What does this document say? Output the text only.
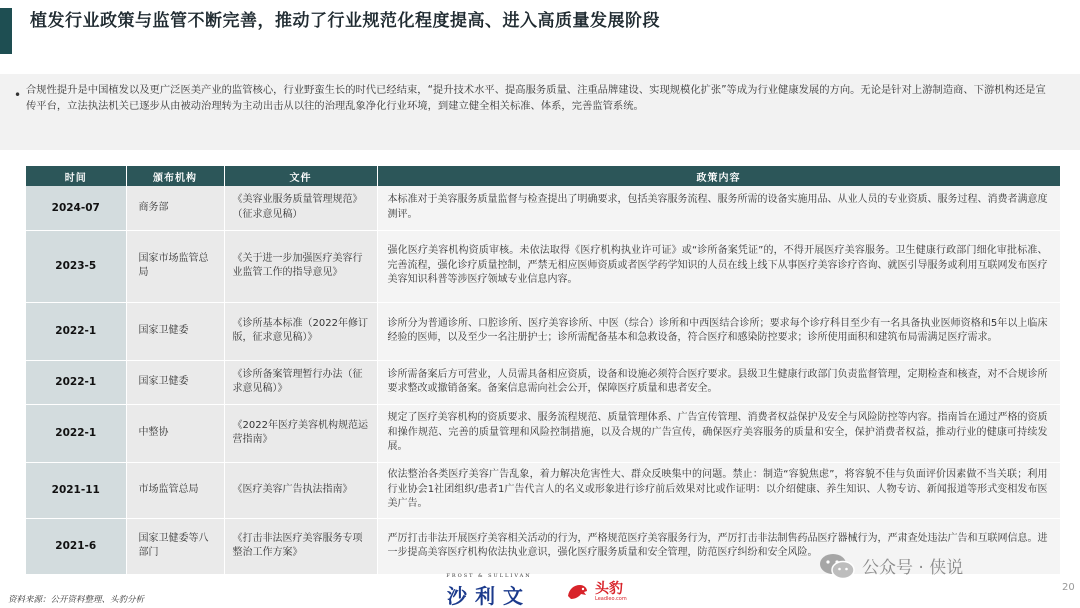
植发行业政策与监管不断完善，推动了行业规范化程度提高、进入高质量发展阶段
• 合规性提升是中国植发以及更广泛医美产业的监管核心，行业野蛮生长的时代已经结束，“提升技术水平、提高服务质量、注重品牌建设、实现规模化扩张”等成为行业健康发展的方向。无论是针对上游制造商、下游机构还是宣传平台，立法执法机关已逐步从由被动治理转为主动出击从以往的治理乱象净化行业环境，到建立健全相关标准、体系，完善监管系统。
时间	颁布机构	文件	政策内容
2024-07	商务部	《美容业服务质量管理规范》（征求意见稿）	本标准对于美容服务质量监督与检查提出了明确要求，包括美容服务流程、服务所需的设备实施用品、从业人员的专业资质、服务过程、消费者满意度测评。
2023-5	国家市场监管总局	《关于进一步加强医疗美容行业监管工作的指导意见》	强化医疗美容机构资质审核。未依法取得《医疗机构执业许可证》或“诊所备案凭证”的，不得开展医疗美容服务。卫生健康行政部门细化审批标准、完善流程，强化诊疗质量控制，严禁无相应医师资质或者医学药学知识的人员在线上线下从事医疗美容诊疗咨询、就医引导服务或利用互联网发布医疗美容知识科普等涉医疗领域专业信息内容。
2022-1	国家卫健委	《诊所基本标准（2022年修订版，征求意见稿）》	诊所分为普通诊所、口腔诊所、医疗美容诊所、中医（综合）诊所和中西医结合诊所；要求每个诊疗科目至少有一名具备执业医师资格和5年以上临床经验的医师，以及至少一名注册护士；诊所需配备基本和急救设备，符合医疗和感染防控要求；诊所使用面积和建筑布局需满足医疗需求。
2022-1	国家卫健委	《诊所备案管理暂行办法（征求意见稿）》	诊所需备案后方可营业，人员需具备相应资质，设备和设施必须符合医疗要求。县级卫生健康行政部门负责监督管理，定期检查和核查，对不合规诊所要求整改或撤销备案。备案信息需向社会公开，保障医疗质量和患者安全。
2022-1	中整协	《2022年医疗美容机构规范运营指南》	规定了医疗美容机构的资质要求、服务流程规范、质量管理体系、广告宣传管理、消费者权益保护及安全与风险防控等内容。指南旨在通过严格的资质和操作规范、完善的质量管理和风险控制措施，以及合规的广告宣传，确保医疗美容服务的质量和安全，保护消费者权益，推动行业的健康可持续发展。
2021-11	市场监管总局	《医疗美容广告执法指南》	依法整治各类医疗美容广告乱象，着力解决危害性大、群众反映集中的问题。禁止：制造“容貌焦虑”，将容貌不佳与负面评价因素做不当关联；利用行业协会1社团组织/患者1广告代言人的名义或形象进行诊疗前后效果对比或作证明：以介绍健康、养生知识、人物专访、新闻报道等形式变相发布医美广告。
2021-6	国家卫健委等八部门	《打击非法医疗美容服务专项整治工作方案》	严厉打击非法开展医疗美容相关活动的行为，严格规范医疗美容服务行为，严厉打击非法制售药品医疗器械行为，严肃查处违法广告和互联网信息。进一步提高美容医疗机构依法执业意识，强化医疗服务质量和安全管理，防范医疗纠纷和安全风险。
资料来源：公开资料整理、头豹分析
FROST & SULLIVAN
沙利文	头豹
Leadleo.com
公众号 · 侠说
20
